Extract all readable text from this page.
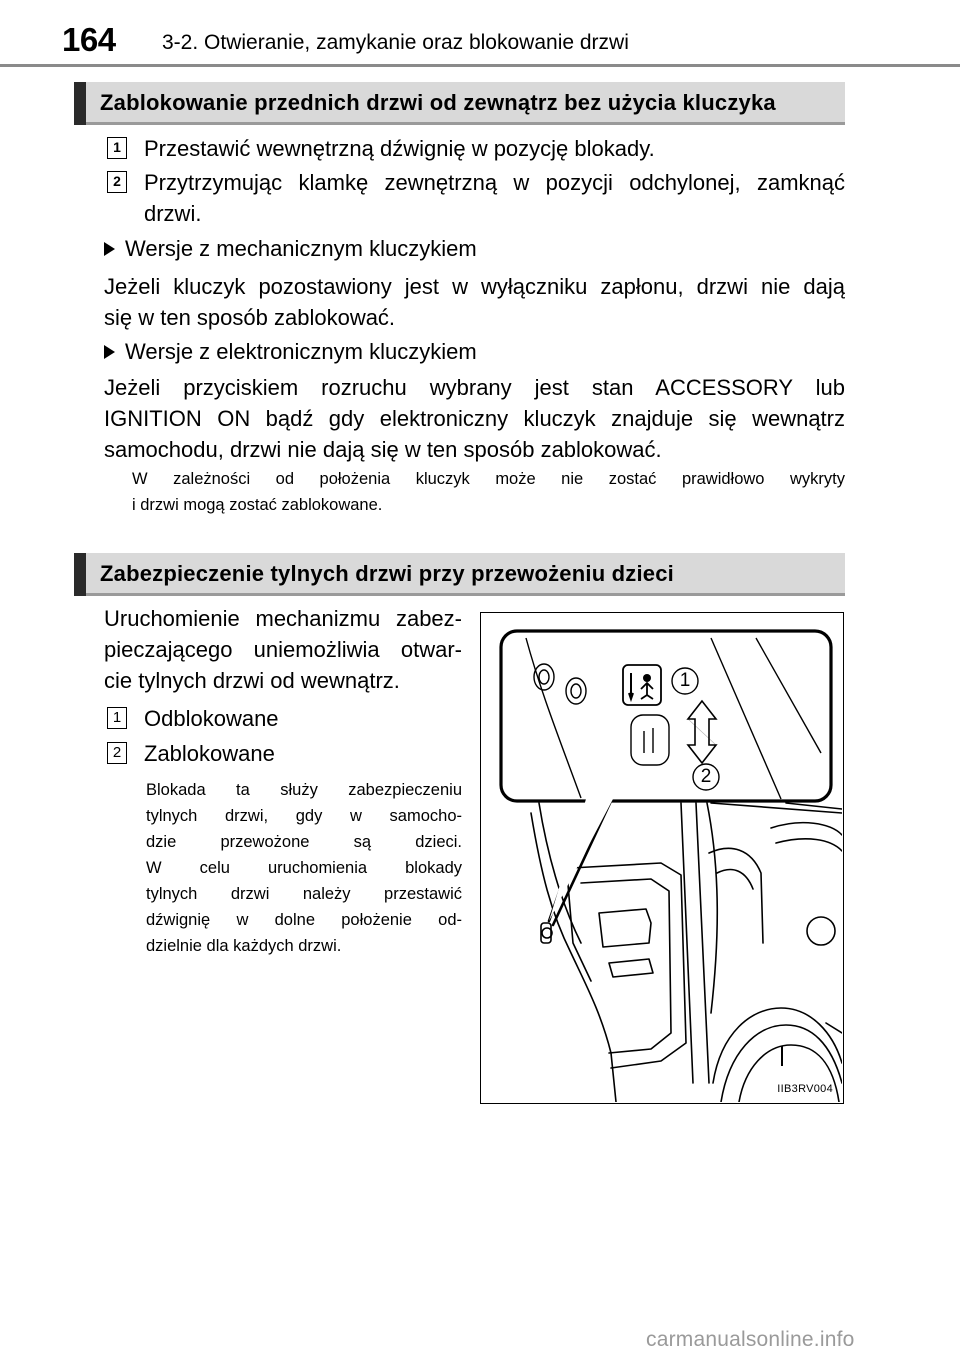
164 3-2. Otwieranie, zamykanie oraz blokowanie drzwi
Zablokowanie przednich drzwi od zewnątrz bez użycia kluczyka
1 Przestawić wewnętrzną dźwignię w pozycję blokady.
2 Przytrzymując klamkę zewnętrzną w pozycji odchylonej, zamknąć
drzwi.
Wersje z mechanicznym kluczykiem
Jeżeli kluczyk pozostawiony jest w wyłączniku zapłonu, drzwi nie dają
się w ten sposób zablokować.
Wersje z elektronicznym kluczykiem
Jeżeli przyciskiem rozruchu wybrany jest stan ACCESSORY lub
IGNITION ON bądź gdy elektroniczny kluczyk znajduje się wewnątrz
samochodu, drzwi nie dają się w ten sposób zablokować.
W zależności od położenia kluczyk może nie zostać prawidłowo wykryty
i drzwi mogą zostać zablokowane.
Zabezpieczenie tylnych drzwi przy przewożeniu dzieci
Uruchomienie mechanizmu zabez-
pieczającego uniemożliwia otwar-
cie tylnych drzwi od wewnątrz.
1 Odblokowane
2 Zablokowane
Blokada ta służy zabezpieczeniu
tylnych drzwi, gdy w samocho-
dzie przewożone są dzieci.
W celu uruchomienia blokady
tylnych drzwi należy przestawić
dźwignię w dolne położenie od-
dzielnie dla każdych drzwi.
1
2
IIB3RV004
carmanualsonline.info
